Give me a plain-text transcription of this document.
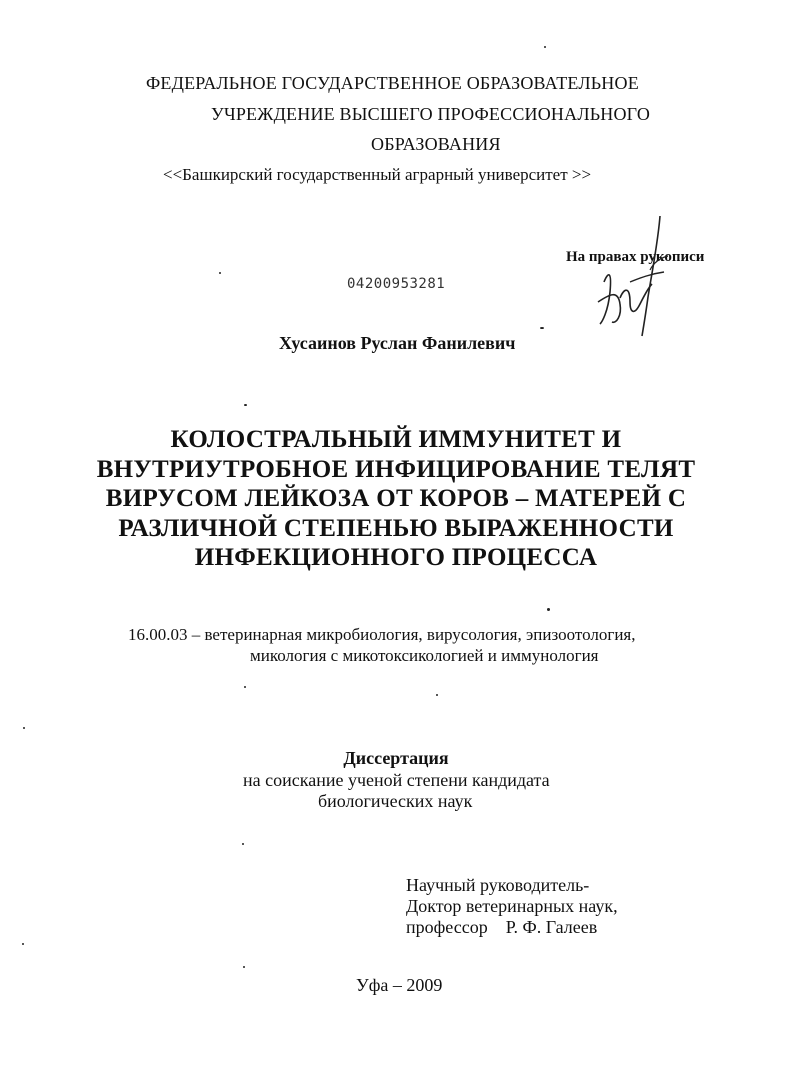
ФЕДЕРАЛЬНОЕ ГОСУДАРСТВЕННОЕ ОБРАЗОВАТЕЛЬНОЕ
УЧРЕЖДЕНИЕ ВЫСШЕГО ПРОФЕССИОНАЛЬНОГО
ОБРАЗОВАНИЯ
<<Башкирский государственный аграрный университет >>
На правах рукописи
04200953281
Хусаинов Руслан Фанилевич
КОЛОСТРАЛЬНЫЙ ИММУНИТЕТ И
ВНУТРИУТРОБНОЕ ИНФИЦИРОВАНИЕ ТЕЛЯТ
ВИРУСОМ ЛЕЙКОЗА ОТ КОРОВ – МАТЕРЕЙ С
РАЗЛИЧНОЙ СТЕПЕНЬЮ ВЫРАЖЕННОСТИ
ИНФЕКЦИОННОГО ПРОЦЕССА
16.00.03 – ветеринарная микробиология, вирусология, эпизоотология,
микология с микотоксикологией и иммунология
Диссертация
на соискание ученой степени кандидата
биологических наук
Научный руководитель-
Доктор ветеринарных наук,
профессор    Р. Ф. Галеев
Уфа – 2009
